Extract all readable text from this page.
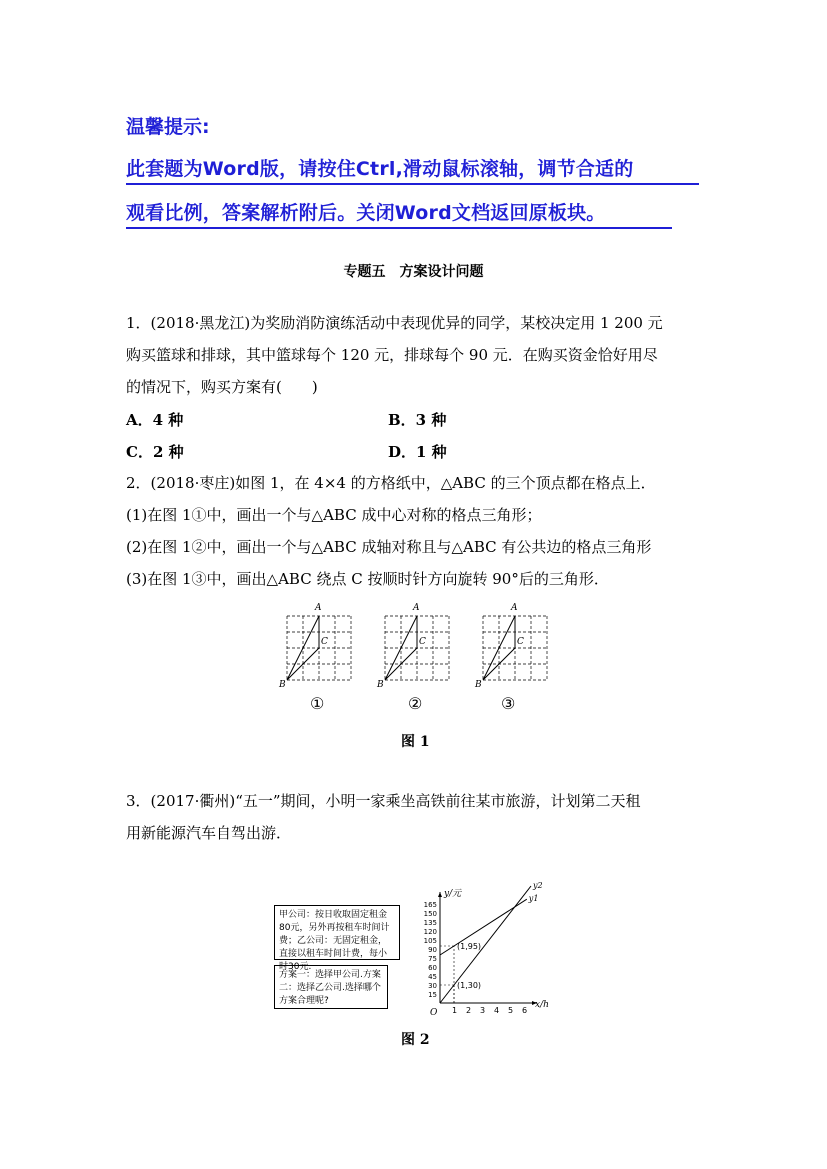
温馨提示:
此套题为Word版，请按住Ctrl,滑动鼠标滚轴，调节合适的
观看比例，答案解析附后。关闭Word文档返回原板块。
专题五　方案设计问题
1．(2018·黑龙江)为奖励消防演练活动中表现优异的同学，某校决定用 1 200 元
购买篮球和排球，其中篮球每个 120 元，排球每个 90 元．在购买资金恰好用尽
的情况下，购买方案有(　　)
A．4 种	B．3 种
C．2 种	D．1 种
2．(2018·枣庄)如图 1，在 4×4 的方格纸中，△ABC 的三个顶点都在格点上．
(1)在图 1①中，画出一个与△ABC 成中心对称的格点三角形；
(2)在图 1②中，画出一个与△ABC 成轴对称且与△ABC 有公共边的格点三角形
(3)在图 1③中，画出△ABC 绕点 C 按顺时针方向旋转 90°后的三角形．
A
C
B
A
C
B
A
C
B
①	②	③
图 1
3．(2017·衢州)“五一”期间，小明一家乘坐高铁前往某市旅游，计划第二天租
用新能源汽车自驾出游．
甲公司：按日收取固定租金80元，另外再按租车时间计费；乙公司：无固定租金，直接以租车时间计费，每小时30元.
方案一：选择甲公司.方案二：选择乙公司.选择哪个方案合理呢?
1 2 3 4 5 6
15
30
45
60
75
90
105
120
135
150
165
(1,95)
(1,30)
y1
y2
x/h
y/元
O
图 2
